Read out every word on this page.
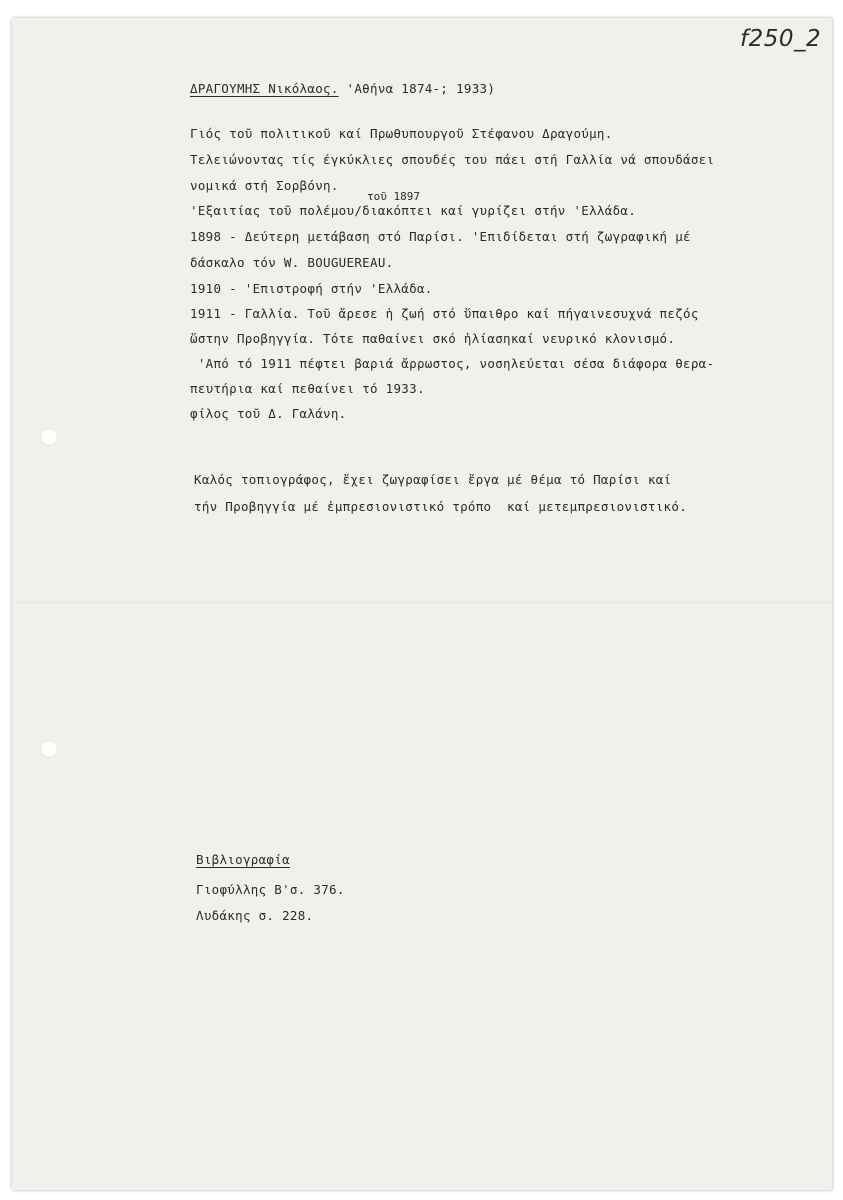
f250_2
ΔΡΑΓΟΥΜΗΣ Νικόλαος. 'Αθήνα 1874-; 1933)
Γιός τοῦ πολιτικοῦ καί Πρωθυπουργοῦ Στέφανου Δραγούμη.
Τελειώνοντας τίς έγκύκλιες σπουδές του πάει στή Γαλλία νά σπουδάσει
νομικά στή Σορβόνη.
τοῦ 1897
'Εξαιτίας τοῦ πολέμου/διακόπτει καί γυρίζει στήν 'Ελλάδα.
1898 - Δεύτερη μετάβαση στό Παρίσι. 'Επιδίδεται στή ζωγραφική μέ
δάσκαλο τόν W. BOUGUEREAU.
1910 - 'Επιστροφή στήν 'Ελλάδα.
1911 - Γαλλία. Τοῦ ἄρεσε ἡ ζωή στό ὕπαιθρο καί πήγαινεσυχνά πεζός
ὥστην Προβηγγία. Τότε παθαίνει σκό ἡλίασηκαί νευρικό κλονισμό.
'Από τό 1911 πέφτει βαριά ἄρρωστος, νοσηλεύεται σέσα διάφορα θερα-
πευτήρια καί πεθαίνει τό 1933.
φίλος τοῦ Δ. Γαλάνη.
Καλός τοπιογράφος, ἔχει ζωγραφίσει ἔργα μέ θέμα τό Παρίσι καί
τήν Προβηγγία μέ ἐμπρεσιονιστικό τρόπο  καί μετεμπρεσιονιστικό.
Βιβλιογραφία
Γιοφύλλης Β'σ. 376.
Λυδάκης σ. 228.
